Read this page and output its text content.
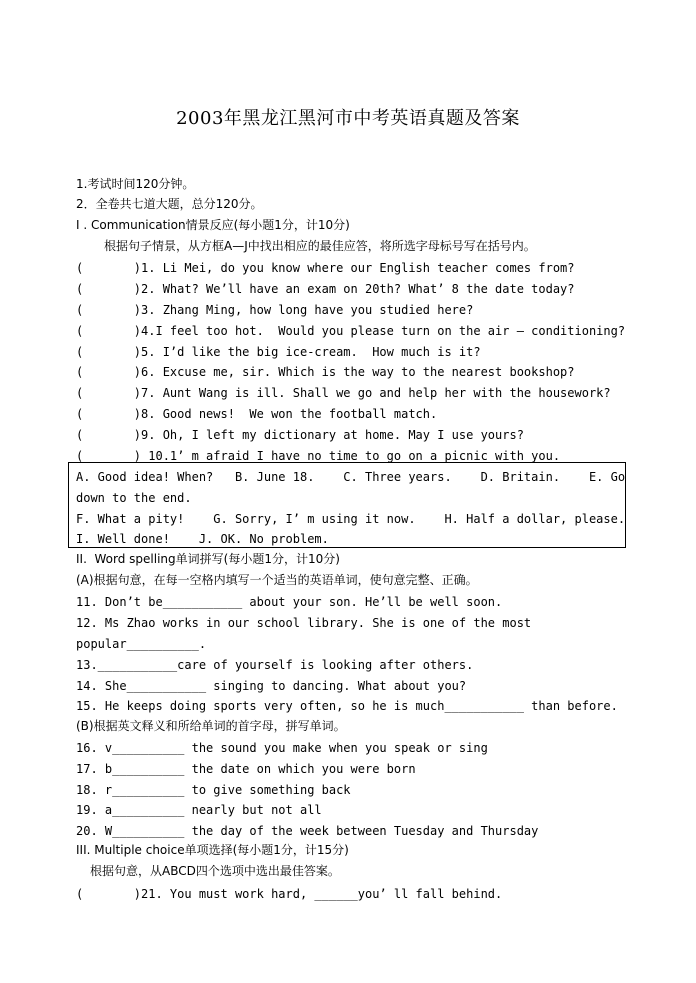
2003年黑龙江黑河市中考英语真题及答案
1.考试时间120分钟。
2．全卷共七道大题，总分120分。
I . Communication情景反应(每小题1分，计10分)
根据句子情景，从方框A—J中找出相应的最佳应答，将所选字母标号写在括号内。
(       )1. Li Mei, do you know where our English teacher comes from?
(       )2. What? We’ll have an exam on 20th? What’ 8 the date today?
(       )3. Zhang Ming, how long have you studied here?
(       )4.I feel too hot.  Would you please turn on the air – conditioning?
(       )5. I’d like the big ice-cream.  How much is it?
(       )6. Excuse me, sir. Which is the way to the nearest bookshop?
(       )7. Aunt Wang is ill. Shall we go and help her with the housework?
(       )8. Good news!  We won the football match.
(       )9. Oh, I left my dictionary at home. May I use yours?
(       ) 10.1’ m afraid I have no time to go on a picnic with you.
A. Good idea! When?   B. June 18.    C. Three years.    D. Britain.    E. Go
down to the end.
F. What a pity!    G. Sorry, I’ m using it now.    H. Half a dollar, please.
I. Well done!    J. OK. No problem.
II.  Word spelling单词拼写(每小题1分，计10分)
(A)根据句意，在每一空格内填写一个适当的英语单词，使句意完整、正确。
11. Don’t be___________ about your son. He’ll be well soon.
12. Ms Zhao works in our school library. She is one of the most
popular__________.
13.___________care of yourself is looking after others.
14. She___________ singing to dancing. What about you?
15. He keeps doing sports very often, so he is much___________ than before.
(B)根据英文释义和所给单词的首字母，拼写单词。
16. v__________ the sound you make when you speak or sing
17. b__________ the date on which you were born
18. r__________ to give something back
19. a__________ nearly but not all
20. W__________ the day of the week between Tuesday and Thursday
III. Multiple choice单项选择(每小题1分，计15分)
根据句意，从ABCD四个选项中选出最佳答案。
(       )21. You must work hard, ______you’ ll fall behind.
